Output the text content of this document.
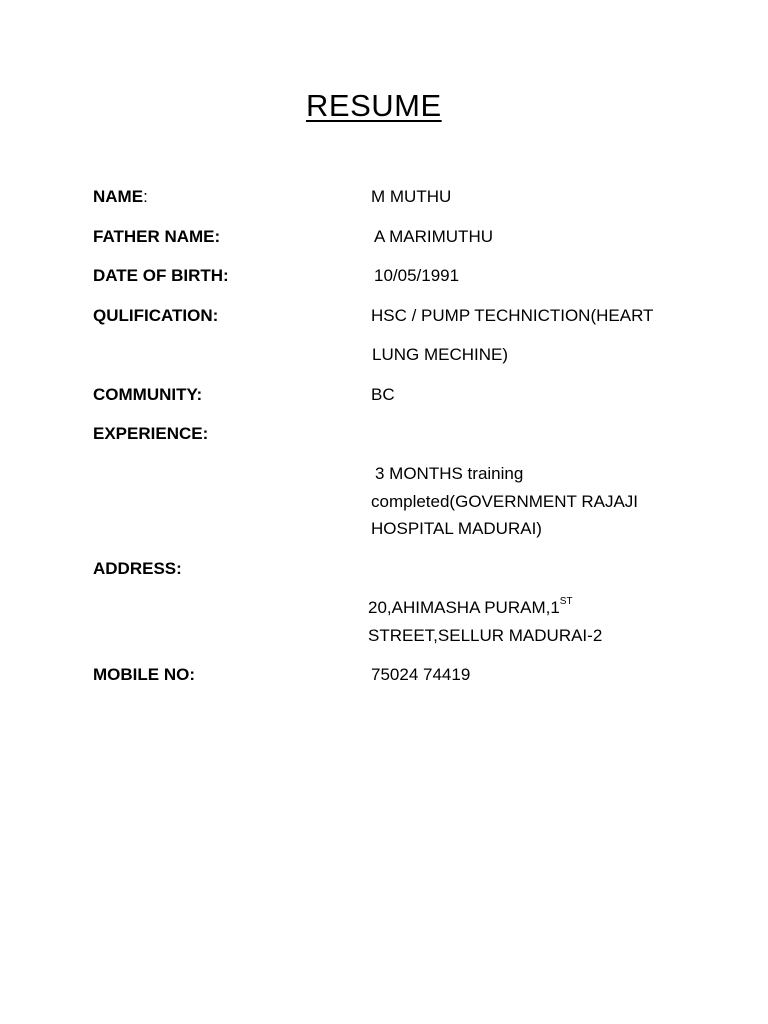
RESUME
NAME:	M MUTHU
FATHER NAME:	A MARIMUTHU
DATE OF BIRTH:	10/05/1991
QULIFICATION:	HSC / PUMP TECHNICTION(HEART
LUNG MECHINE)
COMMUNITY:	BC
EXPERIENCE:
3 MONTHS training
completed(GOVERNMENT RAJAJI
HOSPITAL MADURAI)
ADDRESS:
20,AHIMASHA PURAM,1ST
STREET,SELLUR MADURAI-2
MOBILE NO:	75024 74419
